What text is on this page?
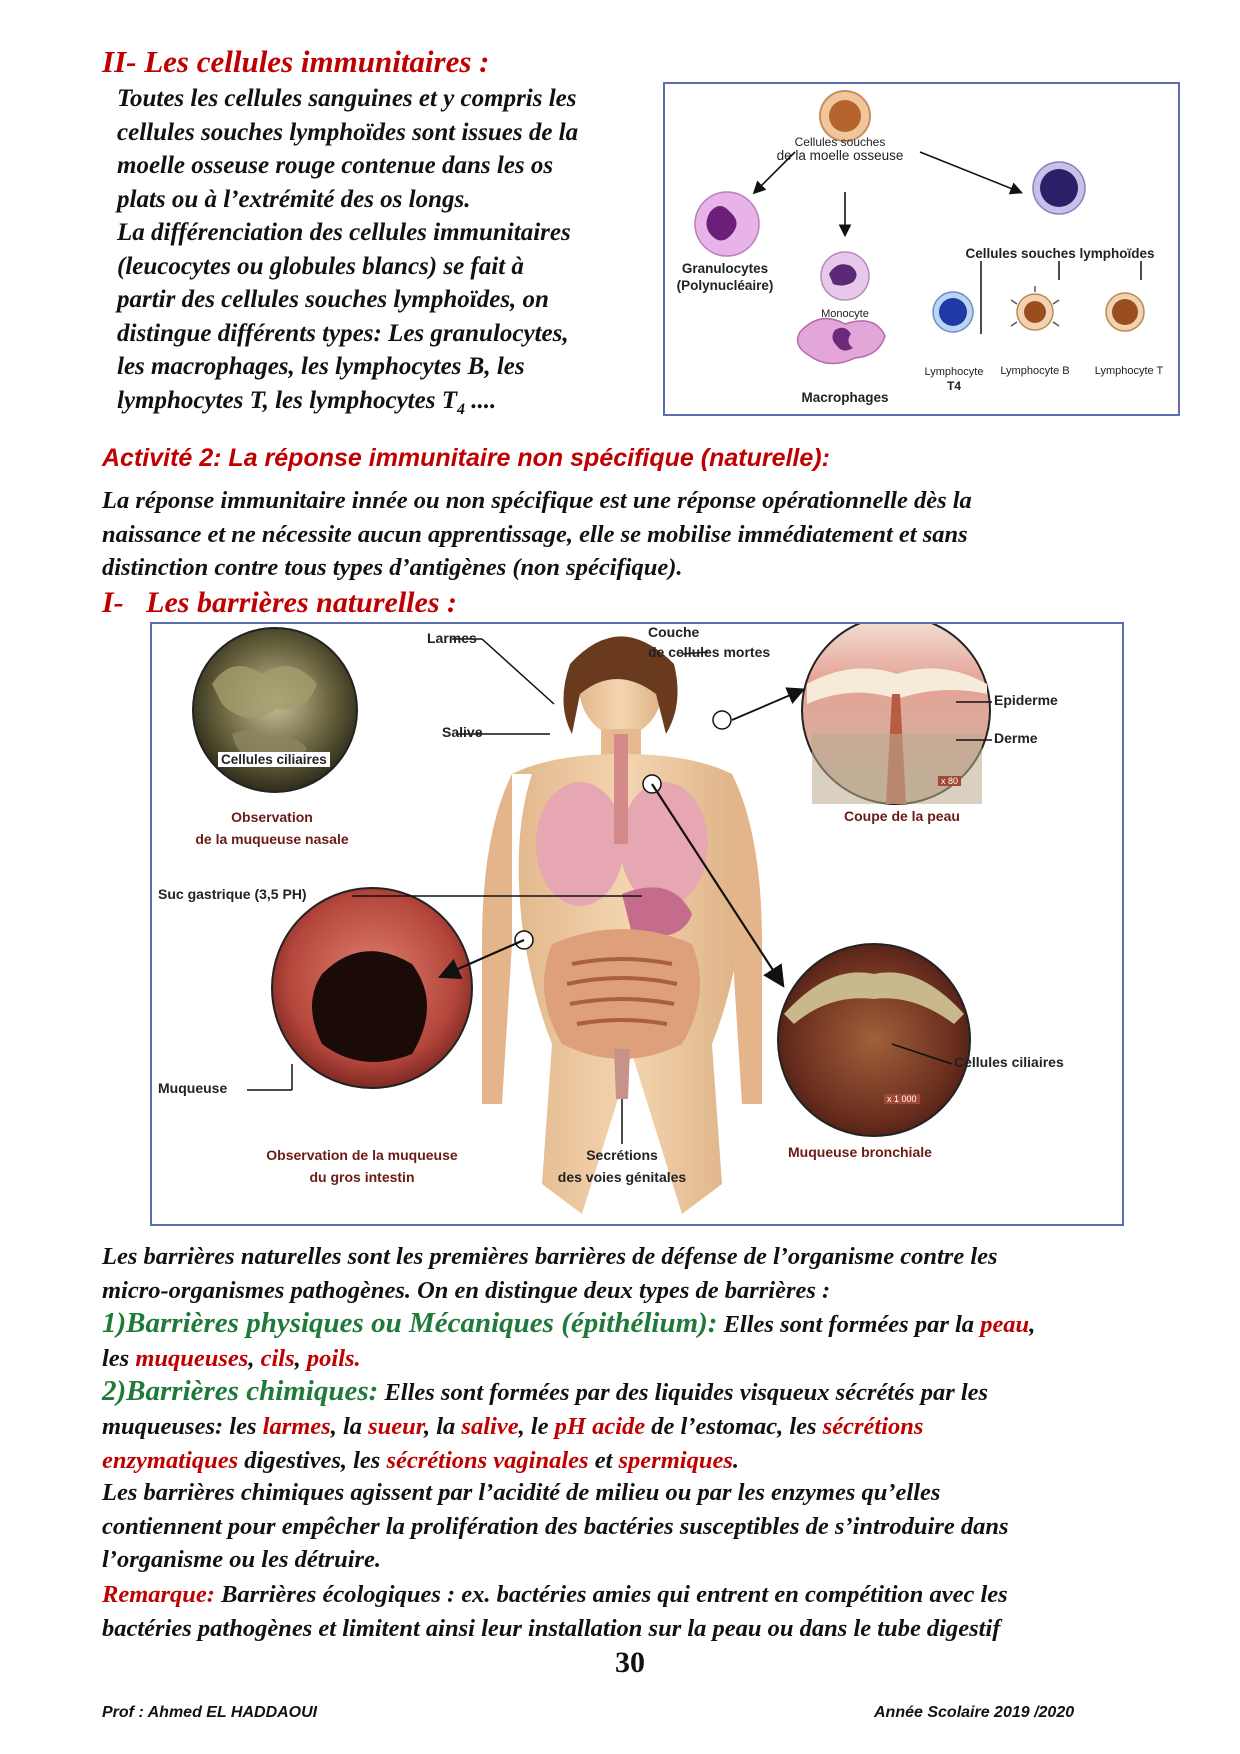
II- Les cellules immunitaires :
Toutes les cellules sanguines et y compris les
cellules souches lymphoïdes sont issues de la
moelle osseuse rouge contenue dans les os
plats ou à l’extrémité des os longs.
La différenciation des cellules immunitaires
(leucocytes ou globules blancs) se fait à
partir des cellules souches lymphoïdes, on
distingue différents types: Les granulocytes,
les macrophages, les lymphocytes B, les
lymphocytes T, les lymphocytes $T_4$ ....
Cellules souches
de la moelle osseuse
Granulocytes
(Polynucléaire)
Monocyte
Macrophages
Cellules souches lymphoïdes
Lymphocyte
T4
Lymphocyte B	Lymphocyte T
Activité 2: La réponse immunitaire non spécifique (naturelle):
La réponse immunitaire innée ou non spécifique est une réponse opérationnelle dès la
naissance et ne nécessite aucun apprentissage, elle se mobilise immédiatement et sans
distinction contre tous types d’antigènes (non spécifique).
I-   Les barrières naturelles :
Larmes	Couche
de cellules mortes
Salive
Cellules ciliaires
Epiderme
Derme
x 80
Observation
de la muqueuse nasale
Coupe de la peau
Suc gastrique (3,5 PH)
Cellules ciliaires
x 1 000
Muqueuse
Observation de la muqueuse
du gros intestin
Secrétions
des voies génitales
Muqueuse bronchiale
Les barrières naturelles sont les premières barrières de défense de l’organisme contre les
micro-organismes pathogènes. On en distingue deux types de barrières :
1)Barrières physiques ou Mécaniques (épithélium): Elles sont formées par la peau,
les muqueuses, cils, poils.
2)Barrières chimiques: Elles sont formées par des liquides visqueux sécrétés par les
muqueuses: les larmes, la sueur, la salive, le pH acide de l’estomac, les sécrétions
enzymatiques digestives, les sécrétions vaginales et spermiques.
Les barrières chimiques agissent par l’acidité de milieu ou par les enzymes qu’elles
contiennent pour empêcher la prolifération des bactéries susceptibles de s’introduire dans
l’organisme ou les détruire.
Remarque: Barrières écologiques : ex. bactéries amies qui entrent en compétition avec les
bactéries pathogènes et limitent ainsi leur installation sur la peau ou dans le tube digestif
30
Prof : Ahmed EL HADDAOUI	Année Scolaire 2019 /2020
